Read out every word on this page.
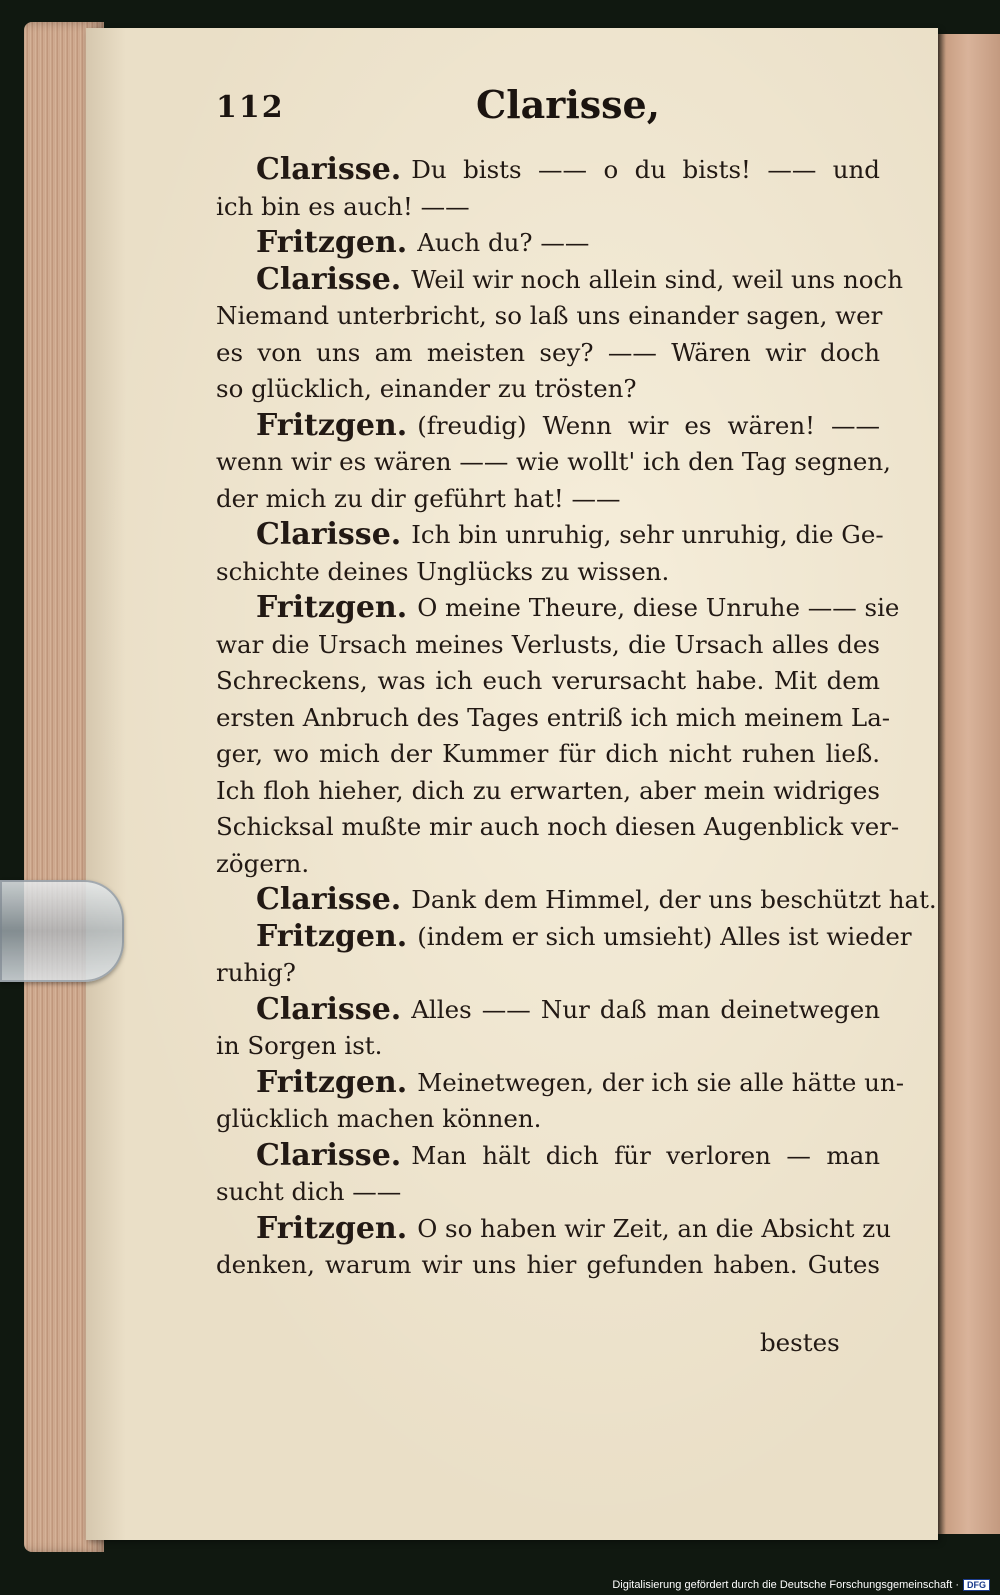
112	Clarisse,
Clarisse. Du bists —— o du bists! —— und
ich bin es auch! ——
Fritzgen. Auch du? ——
Clarisse. Weil wir noch allein sind, weil uns noch
Niemand unterbricht, so laß uns einander sagen, wer
es von uns am meisten sey? —— Wären wir doch
so glücklich, einander zu trösten?
Fritzgen. (freudig) Wenn wir es wären! ——
wenn wir es wären —— wie wollt' ich den Tag segnen,
der mich zu dir geführt hat! ——
Clarisse. Ich bin unruhig, sehr unruhig, die Ge-
schichte deines Unglücks zu wissen.
Fritzgen. O meine Theure, diese Unruhe —— sie
war die Ursach meines Verlusts, die Ursach alles des
Schreckens, was ich euch verursacht habe. Mit dem
ersten Anbruch des Tages entriß ich mich meinem La-
ger, wo mich der Kummer für dich nicht ruhen ließ.
Ich floh hieher, dich zu erwarten, aber mein widriges
Schicksal mußte mir auch noch diesen Augenblick ver-
zögern.
Clarisse. Dank dem Himmel, der uns beschützt hat.
Fritzgen. (indem er sich umsieht) Alles ist wieder
ruhig?
Clarisse. Alles —— Nur daß man deinetwegen
in Sorgen ist.
Fritzgen. Meinetwegen, der ich sie alle hätte un-
glücklich machen können.
Clarisse. Man hält dich für verloren — man
sucht dich ——
Fritzgen. O so haben wir Zeit, an die Absicht zu
denken, warum wir uns hier gefunden haben. Gutes
bestes
Digitalisierung gefördert durch die Deutsche Forschungsgemeinschaft · DFG
